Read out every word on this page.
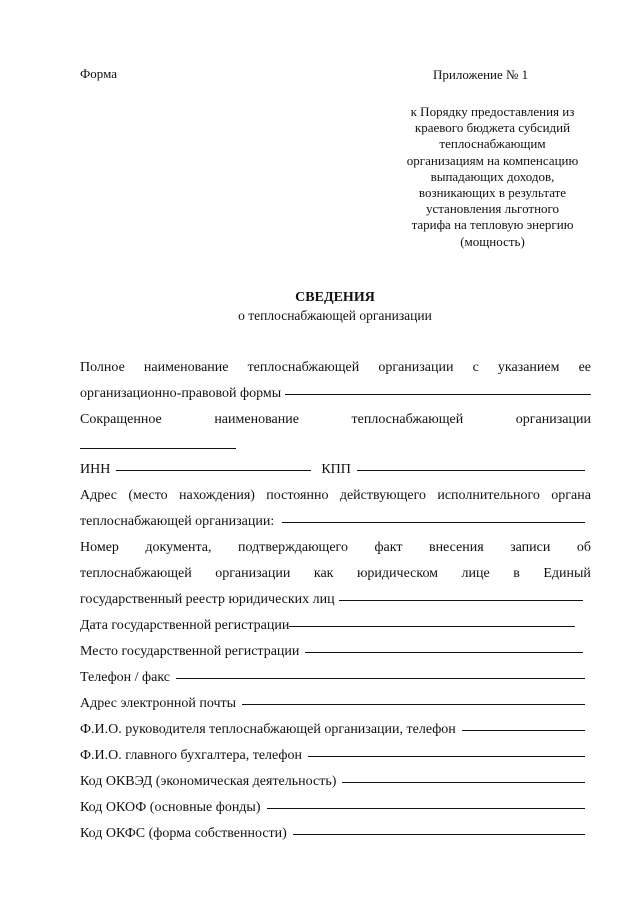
Форма	Приложение № 1
к Порядку предоставления из
краевого бюджета субсидий
теплоснабжающим
организациям на компенсацию
выпадающих доходов,
возникающих в результате
установления льготного
тарифа на тепловую энергию
(мощность)
СВЕДЕНИЯ
о теплоснабжающей организации
Полное наименование теплоснабжающей организации с указанием ее
организационно-правовой формы
Сокращенное	наименование	теплоснабжающей	организации
ИНН	КПП
Адрес (место нахождения) постоянно действующего исполнительного органа
теплоснабжающей организации:
Номер документа, подтверждающего факт внесения записи об
теплоснабжающей организации как юридическом лице в Единый
государственный реестр юридических лиц
Дата государственной регистрации
Место государственной регистрации
Телефон / факс
Адрес электронной почты
Ф.И.О. руководителя теплоснабжающей организации, телефон
Ф.И.О. главного бухгалтера, телефон
Код ОКВЭД (экономическая деятельность)
Код ОКОФ (основные фонды)
Код ОКФС (форма собственности)
